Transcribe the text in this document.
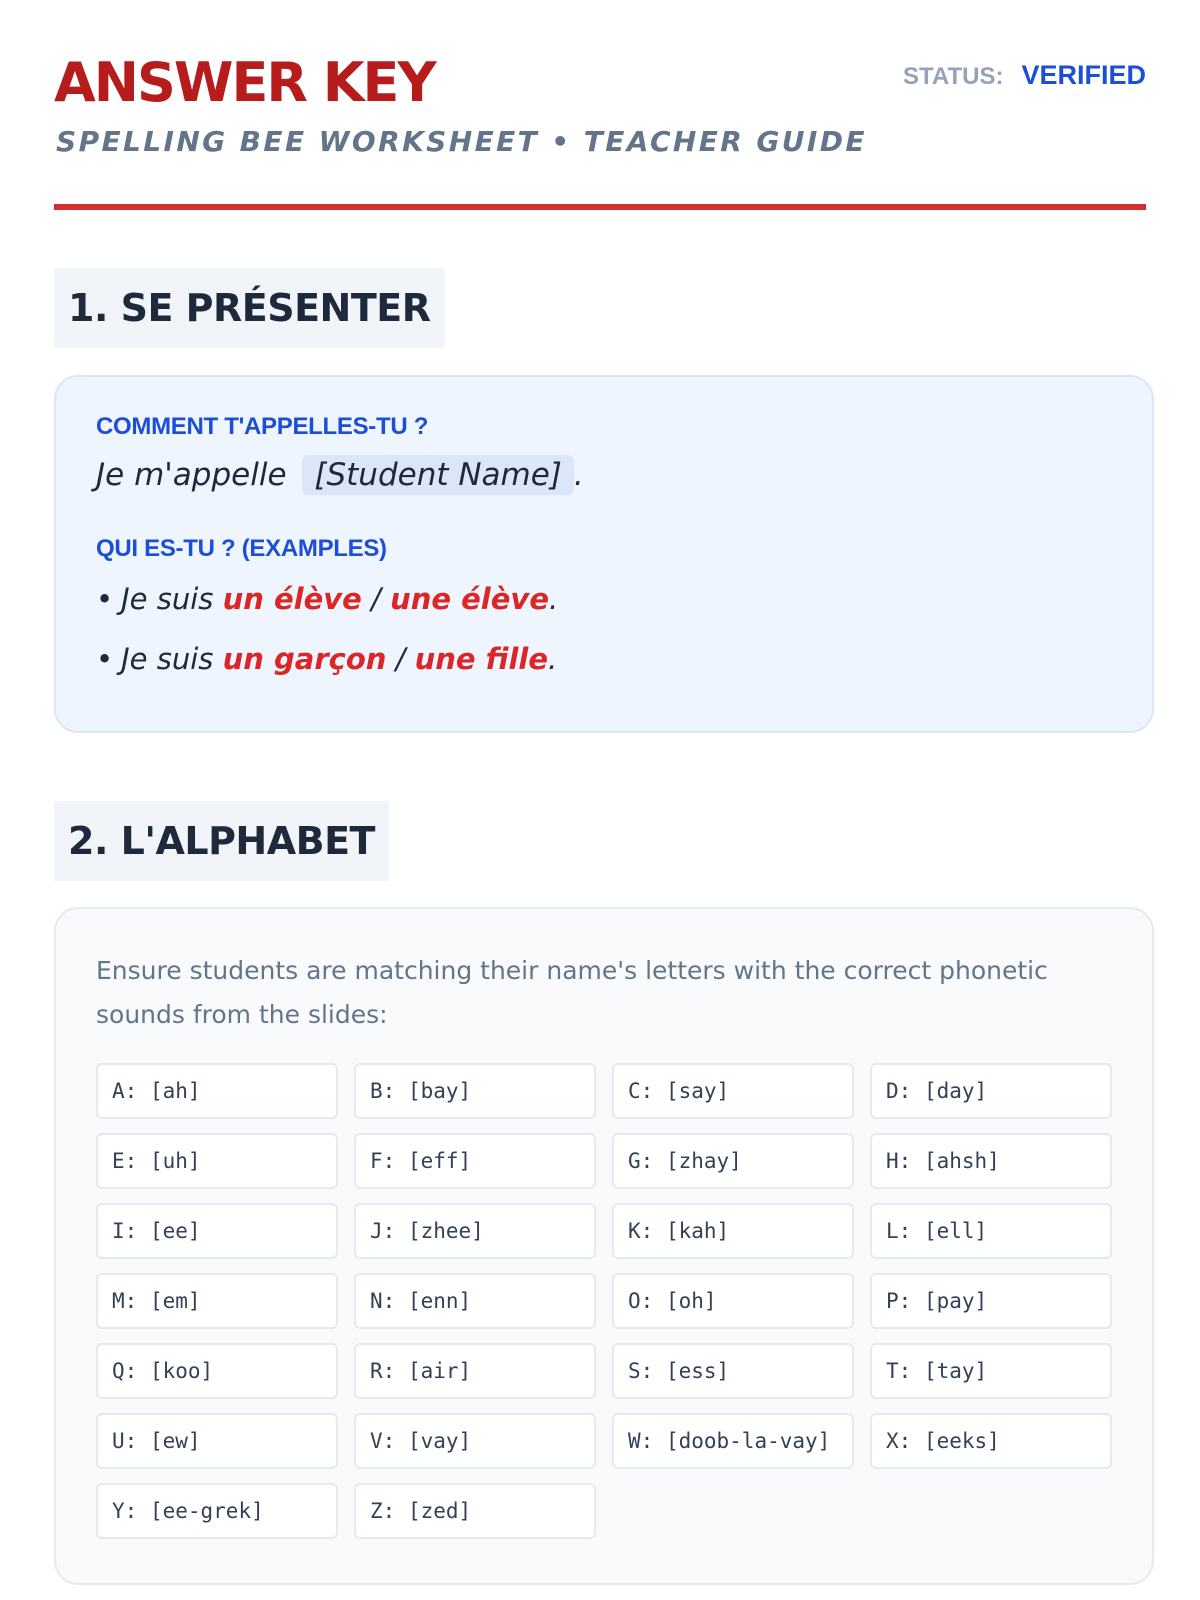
ANSWER KEY
SPELLING BEE WORKSHEET • TEACHER GUIDE
STATUS: VERIFIED
1. SE PRÉSENTER
COMMENT T'APPELLES-TU ?
Je m'appelle [Student Name] .
QUI ES-TU ? (EXAMPLES)
• Je suis un élève / une élève.
• Je suis un garçon / une fille.
2. L'ALPHABET

Ensure students are matching their name's letters with the correct phonetic sounds from the slides:

A : [ah]	B : [bay]	C : [say]	D : [day]
E : [uh]	F : [eff]	G : [zhay]	H : [ahsh]
I : [ee]	J : [zhee]	K : [kah]	L : [ell]
M : [em]	N : [enn]	O : [oh]	P : [pay]
Q : [koo]	R : [air]	S : [ess]	T : [tay]
U : [ew]	V : [vay]	W : [doob-la-vay]	X : [eeks]
Y : [ee-grek]	Z : [zed]
